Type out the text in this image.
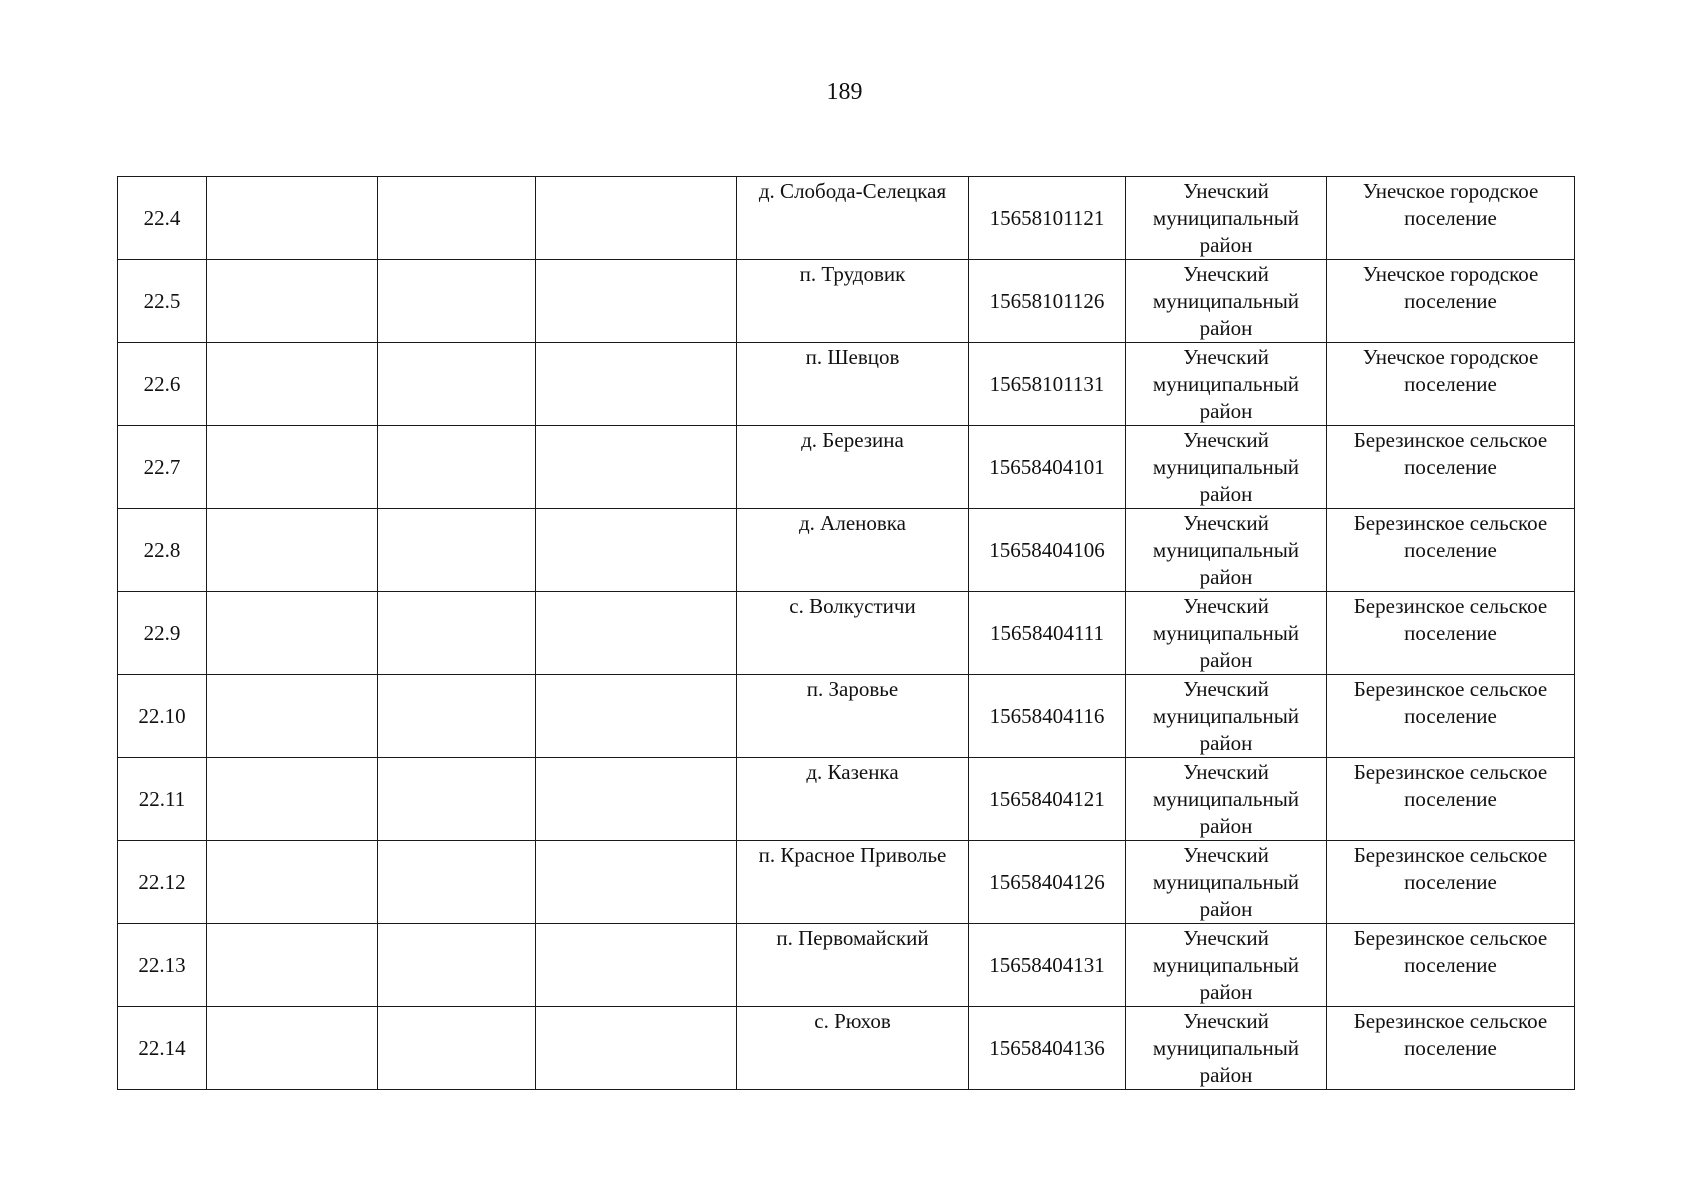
189
22.4				д. Слобода-Селецкая	15658101121	Унечский муниципальный район	Унечское городское поселение
22.5				п. Трудовик	15658101126	Унечский муниципальный район	Унечское городское поселение
22.6				п. Шевцов	15658101131	Унечский муниципальный район	Унечское городское поселение
22.7				д. Березина	15658404101	Унечский муниципальный район	Березинское сельское поселение
22.8				д. Аленовка	15658404106	Унечский муниципальный район	Березинское сельское поселение
22.9				с. Волкустичи	15658404111	Унечский муниципальный район	Березинское сельское поселение
22.10				п. Заровье	15658404116	Унечский муниципальный район	Березинское сельское поселение
22.11				д. Казенка	15658404121	Унечский муниципальный район	Березинское сельское поселение
22.12				п. Красное Приволье	15658404126	Унечский муниципальный район	Березинское сельское поселение
22.13				п. Первомайский	15658404131	Унечский муниципальный район	Березинское сельское поселение
22.14				с. Рюхов	15658404136	Унечский муниципальный район	Березинское сельское поселение
